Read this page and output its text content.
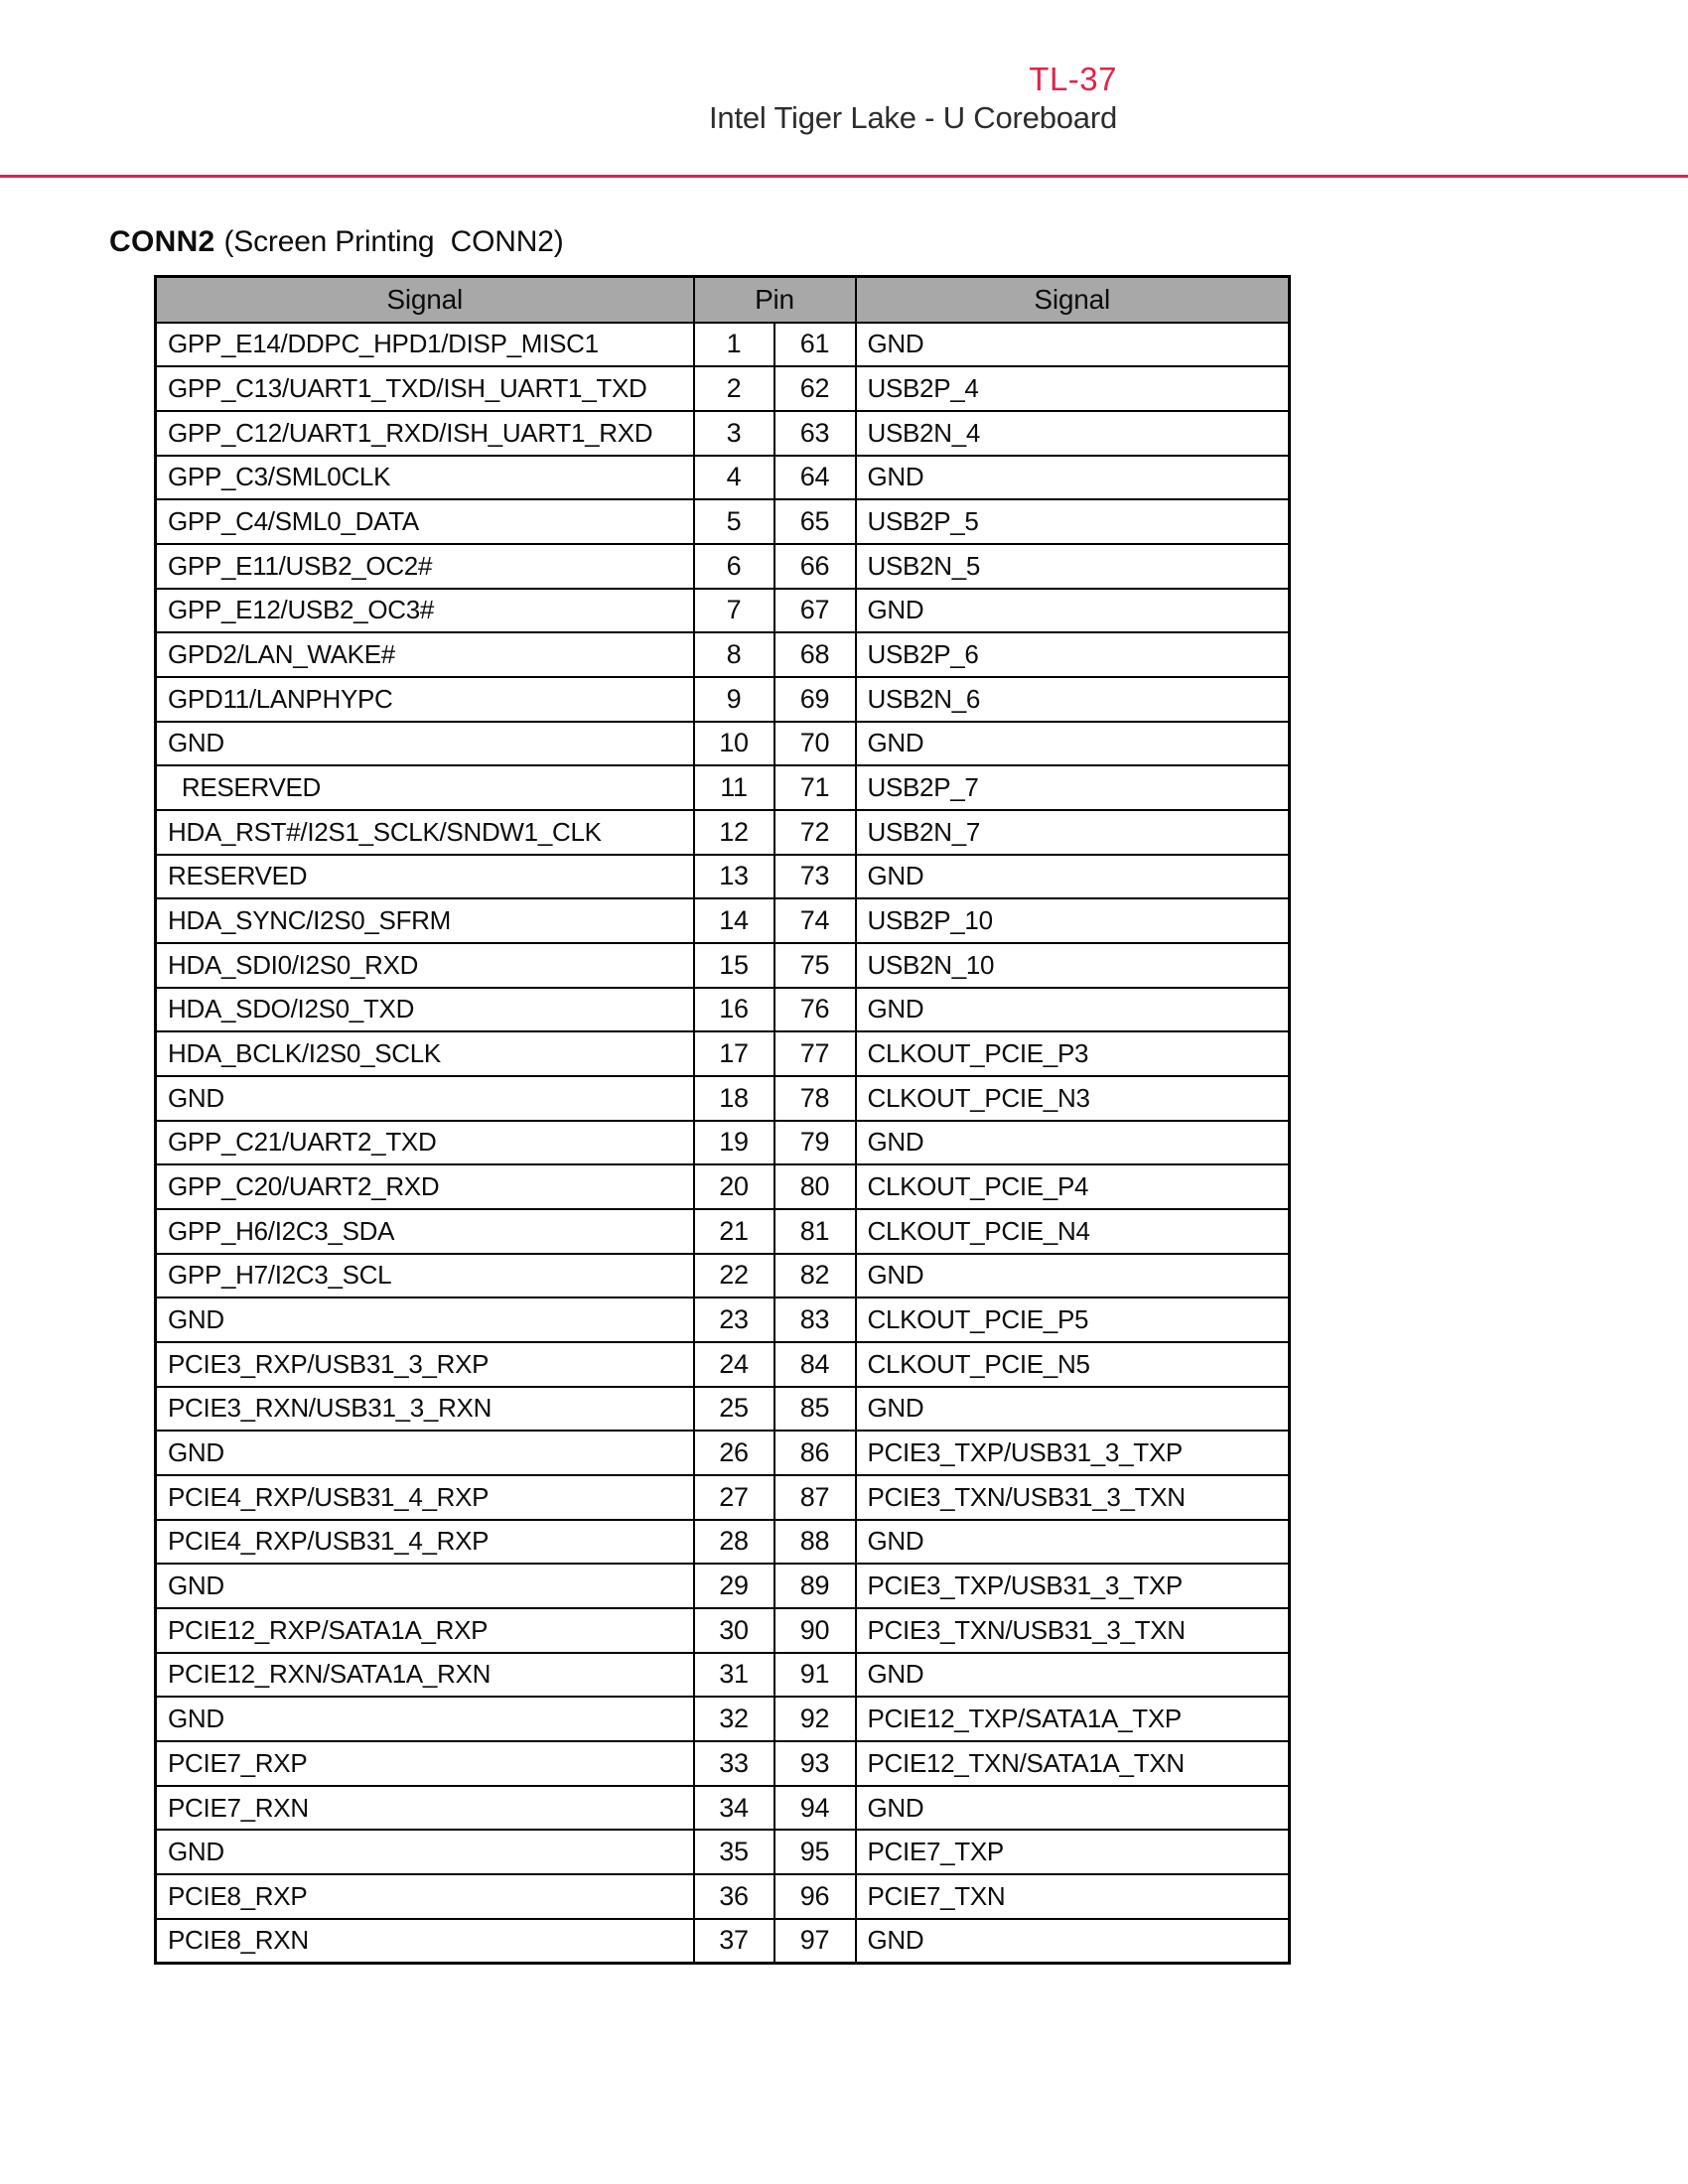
TL-37
Intel Tiger Lake - U Coreboard
CONN2 (Screen Printing  CONN2)
Signal	Pin		Signal
GPP_E14/DDPC_HPD1/DISP_MISC1	1	61	GND
GPP_C13/UART1_TXD/ISH_UART1_TXD	2	62	USB2P_4
GPP_C12/UART1_RXD/ISH_UART1_RXD	3	63	USB2N_4
GPP_C3/SML0CLK	4	64	GND
GPP_C4/SML0_DATA	5	65	USB2P_5
GPP_E11/USB2_OC2#	6	66	USB2N_5
GPP_E12/USB2_OC3#	7	67	GND
GPD2/LAN_WAKE#	8	68	USB2P_6
GPD11/LANPHYPC	9	69	USB2N_6
GND	10	70	GND
RESERVED	11	71	USB2P_7
HDA_RST#/I2S1_SCLK/SNDW1_CLK	12	72	USB2N_7
RESERVED	13	73	GND
HDA_SYNC/I2S0_SFRM	14	74	USB2P_10
HDA_SDI0/I2S0_RXD	15	75	USB2N_10
HDA_SDO/I2S0_TXD	16	76	GND
HDA_BCLK/I2S0_SCLK	17	77	CLKOUT_PCIE_P3
GND	18	78	CLKOUT_PCIE_N3
GPP_C21/UART2_TXD	19	79	GND
GPP_C20/UART2_RXD	20	80	CLKOUT_PCIE_P4
GPP_H6/I2C3_SDA	21	81	CLKOUT_PCIE_N4
GPP_H7/I2C3_SCL	22	82	GND
GND	23	83	CLKOUT_PCIE_P5
PCIE3_RXP/USB31_3_RXP	24	84	CLKOUT_PCIE_N5
PCIE3_RXN/USB31_3_RXN	25	85	GND
GND	26	86	PCIE3_TXP/USB31_3_TXP
PCIE4_RXP/USB31_4_RXP	27	87	PCIE3_TXN/USB31_3_TXN
PCIE4_RXP/USB31_4_RXP	28	88	GND
GND	29	89	PCIE3_TXP/USB31_3_TXP
PCIE12_RXP/SATA1A_RXP	30	90	PCIE3_TXN/USB31_3_TXN
PCIE12_RXN/SATA1A_RXN	31	91	GND
GND	32	92	PCIE12_TXP/SATA1A_TXP
PCIE7_RXP	33	93	PCIE12_TXN/SATA1A_TXN
PCIE7_RXN	34	94	GND
GND	35	95	PCIE7_TXP
PCIE8_RXP	36	96	PCIE7_TXN
PCIE8_RXN	37	97	GND
